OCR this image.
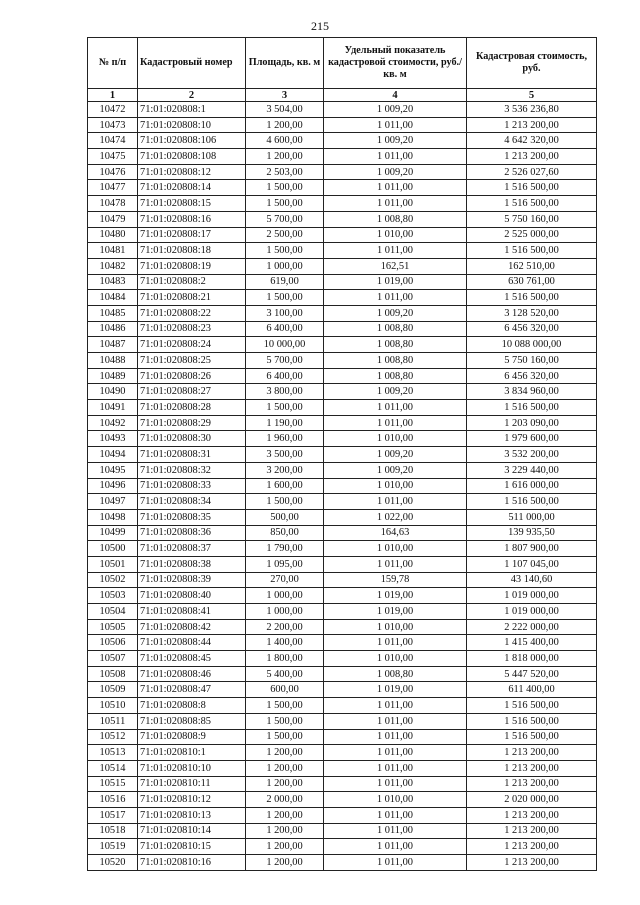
215
№ п/п	Кадастровый номер	Площадь, кв. м	Удельный показатель кадастровой стоимости, руб./кв. м	Кадастровая стоимость, руб.
1	2	3	4	5
10472	71:01:020808:1	3 504,00	1 009,20	3 536 236,80
10473	71:01:020808:10	1 200,00	1 011,00	1 213 200,00
10474	71:01:020808:106	4 600,00	1 009,20	4 642 320,00
10475	71:01:020808:108	1 200,00	1 011,00	1 213 200,00
10476	71:01:020808:12	2 503,00	1 009,20	2 526 027,60
10477	71:01:020808:14	1 500,00	1 011,00	1 516 500,00
10478	71:01:020808:15	1 500,00	1 011,00	1 516 500,00
10479	71:01:020808:16	5 700,00	1 008,80	5 750 160,00
10480	71:01:020808:17	2 500,00	1 010,00	2 525 000,00
10481	71:01:020808:18	1 500,00	1 011,00	1 516 500,00
10482	71:01:020808:19	1 000,00	162,51	162 510,00
10483	71:01:020808:2	619,00	1 019,00	630 761,00
10484	71:01:020808:21	1 500,00	1 011,00	1 516 500,00
10485	71:01:020808:22	3 100,00	1 009,20	3 128 520,00
10486	71:01:020808:23	6 400,00	1 008,80	6 456 320,00
10487	71:01:020808:24	10 000,00	1 008,80	10 088 000,00
10488	71:01:020808:25	5 700,00	1 008,80	5 750 160,00
10489	71:01:020808:26	6 400,00	1 008,80	6 456 320,00
10490	71:01:020808:27	3 800,00	1 009,20	3 834 960,00
10491	71:01:020808:28	1 500,00	1 011,00	1 516 500,00
10492	71:01:020808:29	1 190,00	1 011,00	1 203 090,00
10493	71:01:020808:30	1 960,00	1 010,00	1 979 600,00
10494	71:01:020808:31	3 500,00	1 009,20	3 532 200,00
10495	71:01:020808:32	3 200,00	1 009,20	3 229 440,00
10496	71:01:020808:33	1 600,00	1 010,00	1 616 000,00
10497	71:01:020808:34	1 500,00	1 011,00	1 516 500,00
10498	71:01:020808:35	500,00	1 022,00	511 000,00
10499	71:01:020808:36	850,00	164,63	139 935,50
10500	71:01:020808:37	1 790,00	1 010,00	1 807 900,00
10501	71:01:020808:38	1 095,00	1 011,00	1 107 045,00
10502	71:01:020808:39	270,00	159,78	43 140,60
10503	71:01:020808:40	1 000,00	1 019,00	1 019 000,00
10504	71:01:020808:41	1 000,00	1 019,00	1 019 000,00
10505	71:01:020808:42	2 200,00	1 010,00	2 222 000,00
10506	71:01:020808:44	1 400,00	1 011,00	1 415 400,00
10507	71:01:020808:45	1 800,00	1 010,00	1 818 000,00
10508	71:01:020808:46	5 400,00	1 008,80	5 447 520,00
10509	71:01:020808:47	600,00	1 019,00	611 400,00
10510	71:01:020808:8	1 500,00	1 011,00	1 516 500,00
10511	71:01:020808:85	1 500,00	1 011,00	1 516 500,00
10512	71:01:020808:9	1 500,00	1 011,00	1 516 500,00
10513	71:01:020810:1	1 200,00	1 011,00	1 213 200,00
10514	71:01:020810:10	1 200,00	1 011,00	1 213 200,00
10515	71:01:020810:11	1 200,00	1 011,00	1 213 200,00
10516	71:01:020810:12	2 000,00	1 010,00	2 020 000,00
10517	71:01:020810:13	1 200,00	1 011,00	1 213 200,00
10518	71:01:020810:14	1 200,00	1 011,00	1 213 200,00
10519	71:01:020810:15	1 200,00	1 011,00	1 213 200,00
10520	71:01:020810:16	1 200,00	1 011,00	1 213 200,00
